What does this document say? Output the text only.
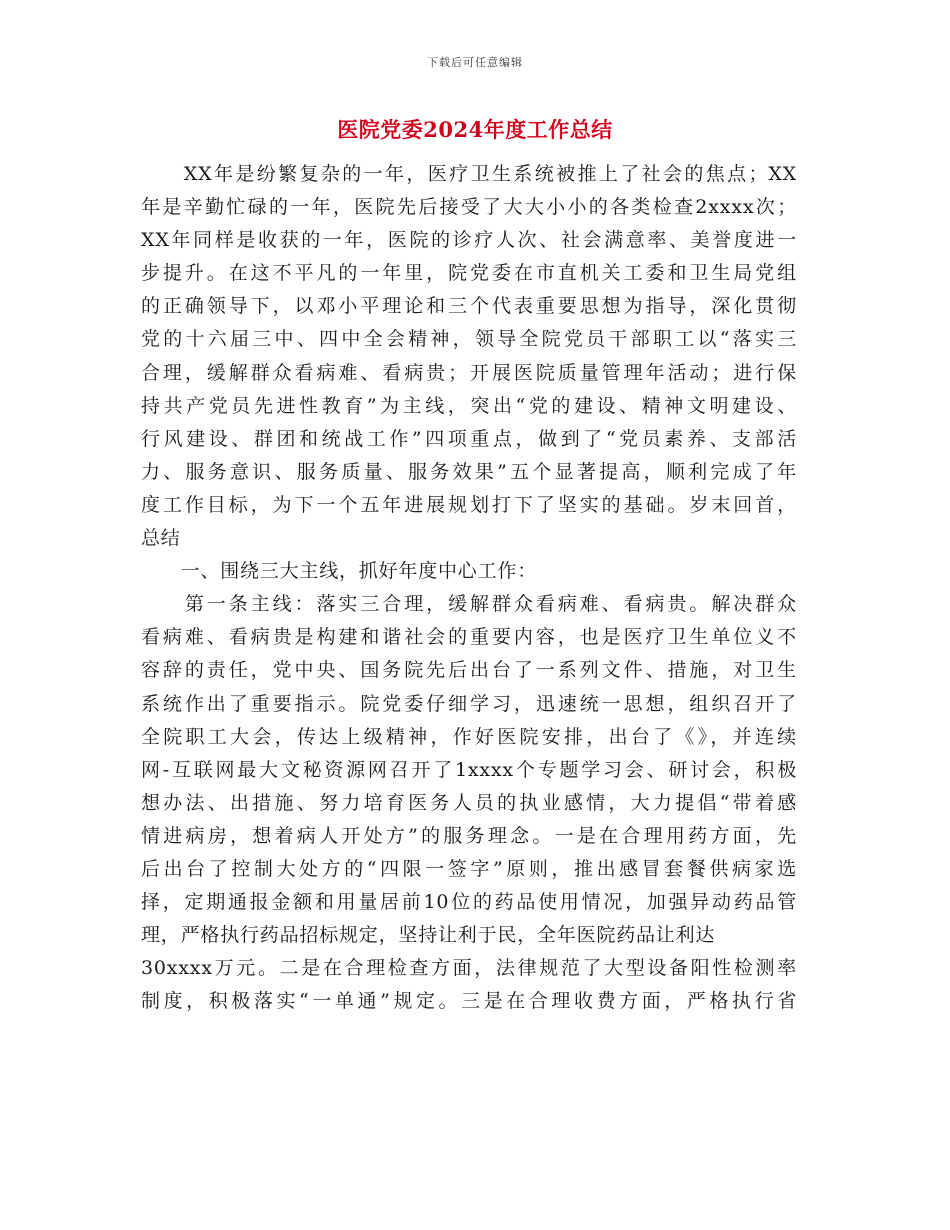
下载后可任意编辑
医院党委2024年度工作总结
　　XX年是纷繁复杂的一年，医疗卫生系统被推上了社会的焦点；XX
年是辛勤忙碌的一年，医院先后接受了大大小小的各类检查2xxxx次；
XX年同样是收获的一年，医院的诊疗人次、社会满意率、美誉度进一
步提升。在这不平凡的一年里，院党委在市直机关工委和卫生局党组
的正确领导下，以邓小平理论和三个代表重要思想为指导，深化贯彻
党的十六届三中、四中全会精神，领导全院党员干部职工以“落实三
合理，缓解群众看病难、看病贵；开展医院质量管理年活动；进行保
持共产党员先进性教育”为主线，突出“党的建设、精神文明建设、
行风建设、群团和统战工作”四项重点，做到了“党员素养、支部活
力、服务意识、服务质量、服务效果”五个显著提高，顺利完成了年
度工作目标，为下一个五年进展规划打下了坚实的基础。岁末回首，
总结
　　一、围绕三大主线，抓好年度中心工作：
　　第一条主线：落实三合理，缓解群众看病难、看病贵。解决群众
看病难、看病贵是构建和谐社会的重要内容，也是医疗卫生单位义不
容辞的责任，党中央、国务院先后出台了一系列文件、措施，对卫生
系统作出了重要指示。院党委仔细学习，迅速统一思想，组织召开了
全院职工大会，传达上级精神，作好医院安排，出台了《》，并连续
网-互联网最大文秘资源网召开了1xxxx个专题学习会、研讨会，积极
想办法、出措施、努力培育医务人员的执业感情，大力提倡“带着感
情进病房，想着病人开处方”的服务理念。一是在合理用药方面，先
后出台了控制大处方的“四限一签字”原则，推出感冒套餐供病家选
择，定期通报金额和用量居前10位的药品使用情况，加强异动药品管
理，严格执行药品招标规定，坚持让利于民，全年医院药品让利达
30xxxx万元。二是在合理检查方面，法律规范了大型设备阳性检测率
制度，积极落实“一单通”规定。三是在合理收费方面，严格执行省
